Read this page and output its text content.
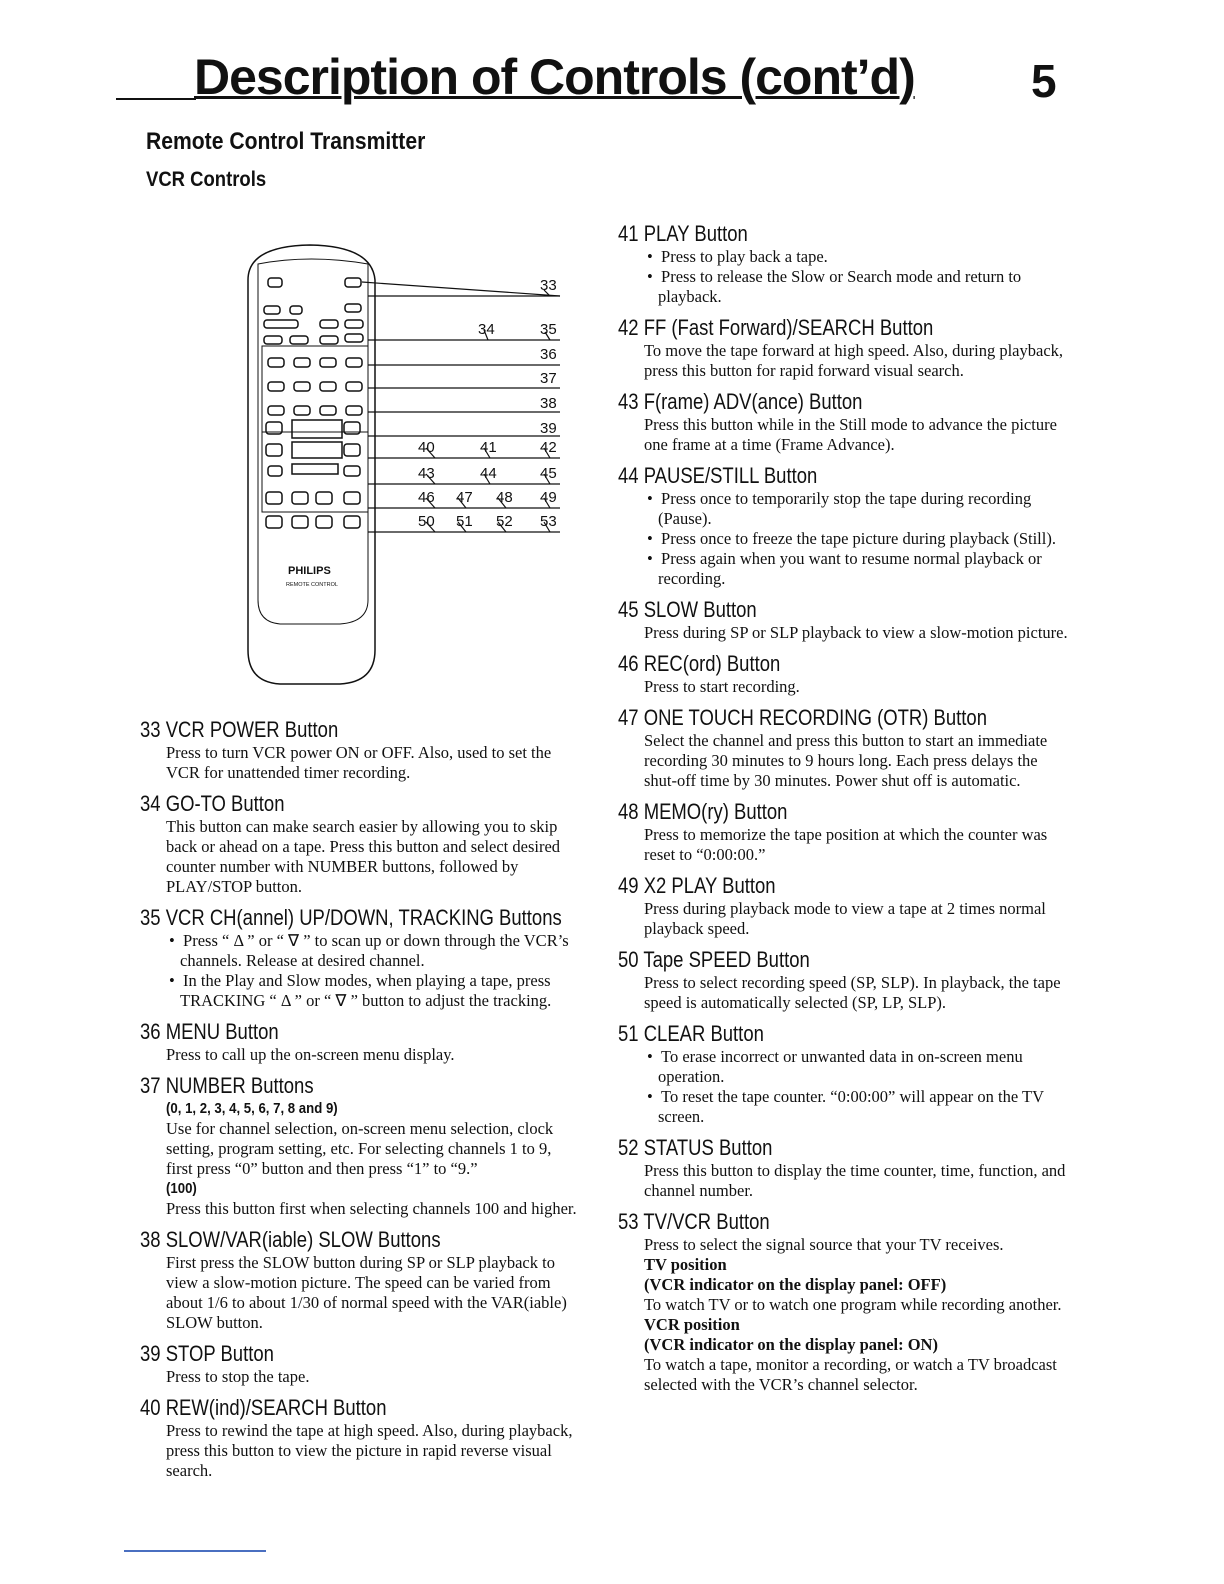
Description of Controls (cont’d)	5
Remote Control Transmitter
VCR Controls
33
34	35
36
37
38
39
40	41	42
43	44	45
46 47 48 49
50 51 52 53
PHILIPS
REMOTE CONTROL
33 VCR POWER Button

Press to turn VCR power ON or OFF. Also, used to set the VCR for unattended timer recording.

34 GO-TO Button

This button can make search easier by allowing you to skip back or ahead on a tape. Press this button and select desired counter number with NUMBER buttons, followed by PLAY/STOP button.

35 VCR CH(annel) UP/DOWN, TRACKING Buttons

•  Press “ Δ ” or “ ∇ ” to scan up or down through the VCR’s channels. Release at desired channel.

•  In the Play and Slow modes, when playing a tape, press TRACKING “ Δ ” or “ ∇ ” button to adjust the tracking.

36 MENU Button

Press to call up the on-screen menu display.

37 NUMBER Buttons
(0, 1, 2, 3, 4, 5, 6, 7, 8 and 9)

Use for channel selection, on-screen menu selection, clock setting, program setting, etc. For selecting channels 1 to 9, first press “0” button and then press “1” to “9.”

(100)

Press this button first when selecting channels 100 and higher.

38 SLOW/VAR(iable) SLOW Buttons

First press the SLOW button during SP or SLP playback to view a slow-motion picture. The speed can be varied from about 1/6 to about 1/30 of normal speed with the VAR(iable) SLOW button.

39 STOP Button

Press to stop the tape.

40 REW(ind)/SEARCH Button

Press to rewind the tape at high speed. Also, during playback, press this button to view the picture in rapid reverse visual search.

41 PLAY Button

•  Press to play back a tape.

•  Press to release the Slow or Search mode and return to playback.

42 FF (Fast Forward)/SEARCH Button

To move the tape forward at high speed. Also, during playback, press this button for rapid forward visual search.

43 F(rame) ADV(ance) Button

Press this button while in the Still mode to advance the picture one frame at a time (Frame Advance).

44 PAUSE/STILL Button

•  Press once to temporarily stop the tape during recording (Pause).

•  Press once to freeze the tape picture during playback (Still).

•  Press again when you want to resume normal playback or recording.

45 SLOW Button

Press during SP or SLP playback to view a slow-motion picture.

46 REC(ord) Button

Press to start recording.

47 ONE TOUCH RECORDING (OTR) Button

Select the channel and press this button to start an immediate recording 30 minutes to 9 hours long. Each press delays the shut-off time by 30 minutes. Power shut off is automatic.

48 MEMO(ry) Button

Press to memorize the tape position at which the counter was reset to “0:00:00.”

49 X2 PLAY Button

Press during playback mode to view a tape at 2 times normal playback speed.

50 Tape SPEED Button

Press to select recording speed (SP, SLP). In playback, the tape speed is automatically selected (SP, LP, SLP).

51 CLEAR Button

•  To erase incorrect or unwanted data in on-screen menu operation.

•  To reset the tape counter. “0:00:00” will appear on the TV screen.

52 STATUS Button

Press this button to display the time counter, time, function, and channel number.

53 TV/VCR Button

Press to select the signal source that your TV receives.

TV position

(VCR indicator on the display panel: OFF)

To watch TV or to watch one program while recording another.

VCR position

(VCR indicator on the display panel: ON)

To watch a tape, monitor a recording, or watch a TV broadcast selected with the VCR’s channel selector.
